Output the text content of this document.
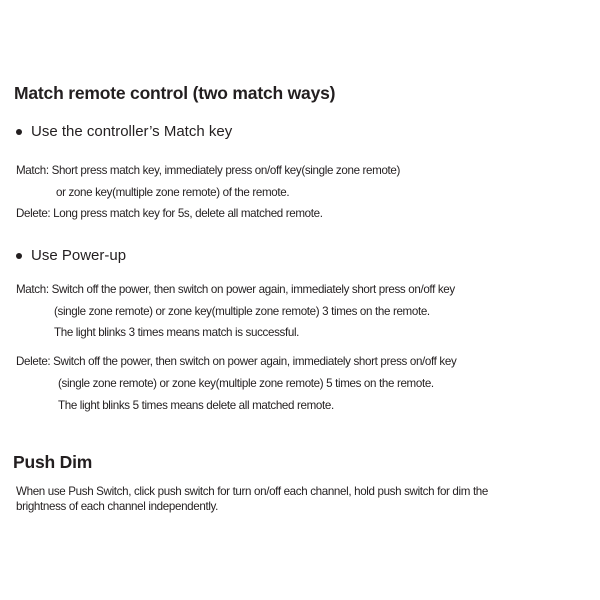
Match remote control (two match ways)
Use the controller’s Match key
Match: Short press match key, immediately press on/off key(single zone remote)
or zone key(multiple zone remote) of the remote.
Delete: Long press match key for 5s, delete all matched remote.
Use Power-up
Match: Switch off the power, then switch on power again, immediately short press on/off key
(single zone remote) or zone key(multiple zone remote) 3 times on the remote.
The light blinks 3 times means match is successful.
Delete: Switch off the power, then switch on power again, immediately short press on/off key
(single zone remote) or zone key(multiple zone remote) 5 times on the remote.
The light blinks 5 times means delete all matched remote.
Push Dim
When use Push Switch, click push switch for turn on/off each channel, hold push switch for dim the
brightness of each channel independently.
